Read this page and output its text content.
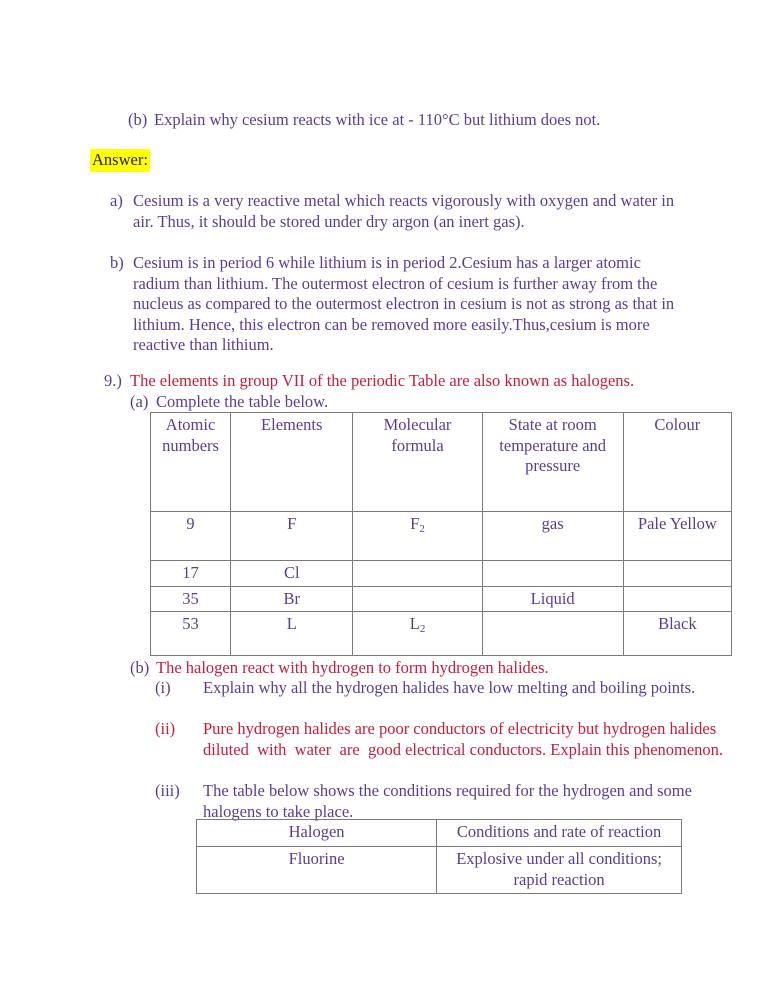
(b) Explain why cesium reacts with ice at - 110°C but lithium does not.
Answer:
a) Cesium is a very reactive metal which reacts vigorously with oxygen and water in air. Thus, it should be stored under dry argon (an inert gas).
b) Cesium is in period 6 while lithium is in period 2.Cesium has a larger atomic radium than lithium. The outermost electron of cesium is further away from the nucleus as compared to the outermost electron in cesium is not as strong as that in lithium. Hence, this electron can be removed more easily.Thus,cesium is more reactive than lithium.
9.) The elements in group VII of the periodic Table are also known as halogens.
(a) Complete the table below.
Atomic numbers	Elements	Molecular formula	State at room temperature and pressure	Colour
9	F	$F_2$	gas	Pale Yellow
17	Cl			
35	Br		Liquid	
53	L	$L_2$		Black
(b) The halogen react with hydrogen to form hydrogen halides.
(i)	Explain why all the hydrogen halides have low melting and boiling points.
(ii)	Pure hydrogen halides are poor conductors of electricity but hydrogen halides diluted  with  water  are  good electrical conductors. Explain this phenomenon.
(iii)	The table below shows the conditions required for the hydrogen and some halogens to take place.
Halogen	Conditions and rate of reaction
Fluorine	Explosive under all conditions; rapid reaction
